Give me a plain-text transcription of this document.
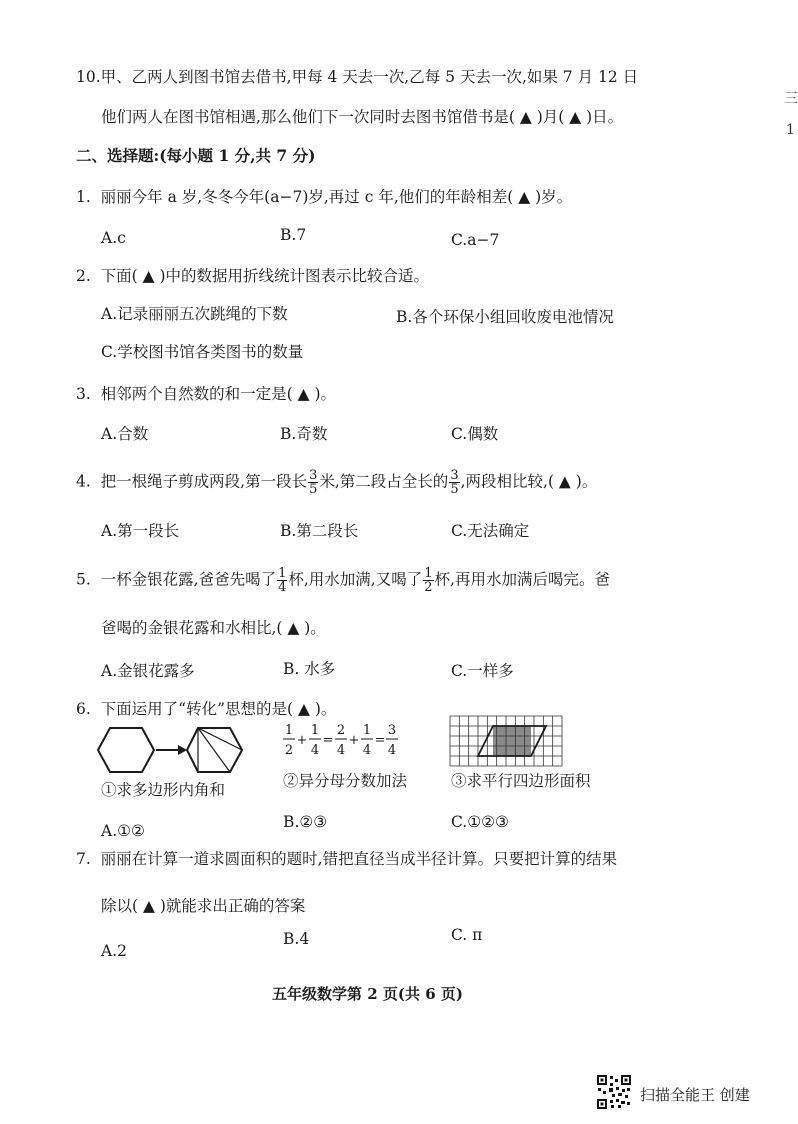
三
1
10.甲、乙两人到图书馆去借书,甲每 4 天去一次,乙每 5 天去一次,如果 7 月 12 日
他们两人在图书馆相遇,那么他们下一次同时去图书馆借书是( ▲ )月( ▲ )日。
二、选择题:(每小题 1 分,共 7 分)
1. 丽丽今年 a 岁,冬冬今年(a−7)岁,再过 c 年,他们的年龄相差( ▲ )岁。
A.c	B.7	C.a−7
2. 下面( ▲ )中的数据用折线统计图表示比较合适。
A.记录丽丽五次跳绳的下数	B.各个环保小组回收废电池情况
C.学校图书馆各类图书的数量
3. 相邻两个自然数的和一定是( ▲ )。
A.合数	B.奇数	C.偶数
4. 把一根绳子剪成两段,第一段长 $\frac{3}{5}$ 米,第二段占全长的 $\frac{3}{5}$ ,两段相比较,( ▲ )。
A.第一段长	B.第二段长	C.无法确定
5. 一杯金银花露,爸爸先喝了 $\frac{1}{4}$ 杯,用水加满,又喝了 $\frac{1}{2}$ 杯,再用水加满后喝完。爸
爸喝的金银花露和水相比,( ▲ )。
A.金银花露多	B. 水多	C.一样多
6. 下面运用了“转化”思想的是( ▲ )。
1
2
+
1
4
=
2
4
+
1
4
=
3
4
①求多边形内角和	②异分母分数加法	③求平行四边形面积
A.①②	B.②③	C.①②③
7. 丽丽在计算一道求圆面积的题时,错把直径当成半径计算。只要把计算的结果
除以( ▲ )就能求出正确的答案
A.2
B.4	C. π
五年级数学第 2 页(共 6 页)
扫描全能王 创建
